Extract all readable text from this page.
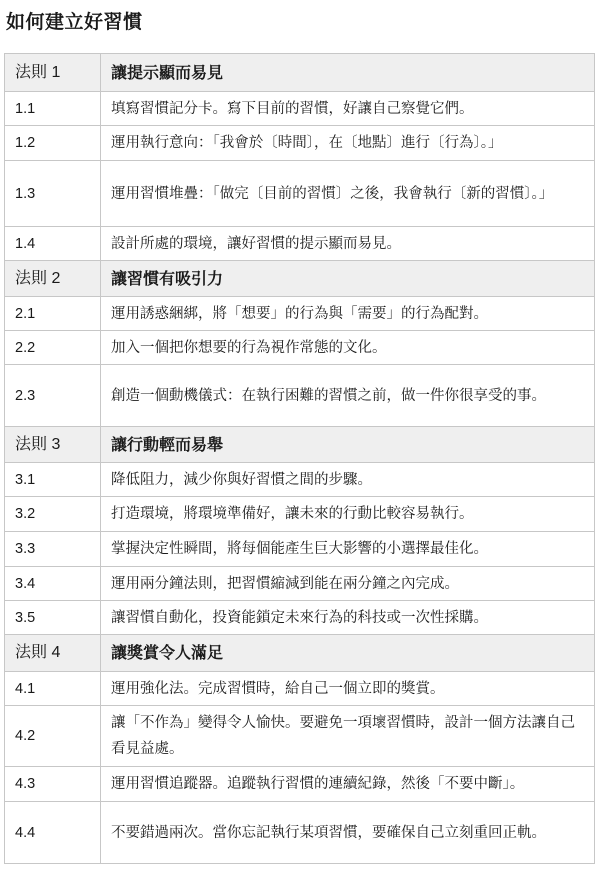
如何建立好習慣
法則 1	讓提示顯而易見
1.1	填寫習慣記分卡。寫下目前的習慣，好讓自己察覺它們。
1.2	運用執行意向：「我會於〔時間〕，在〔地點〕進行〔行為〕。」
1.3	運用習慣堆疊：「做完〔目前的習慣〕之後，我會執行〔新的習慣〕。」
1.4	設計所處的環境，讓好習慣的提示顯而易見。
法則 2	讓習慣有吸引力
2.1	運用誘惑綑綁，將「想要」的行為與「需要」的行為配對。
2.2	加入一個把你想要的行為視作常態的文化。
2.3	創造一個動機儀式：在執行困難的習慣之前，做一件你很享受的事。
法則 3	讓行動輕而易舉
3.1	降低阻力，減少你與好習慣之間的步驟。
3.2	打造環境，將環境準備好，讓未來的行動比較容易執行。
3.3	掌握決定性瞬間，將每個能產生巨大影響的小選擇最佳化。
3.4	運用兩分鐘法則，把習慣縮減到能在兩分鐘之內完成。
3.5	讓習慣自動化，投資能鎖定未來行為的科技或一次性採購。
法則 4	讓獎賞令人滿足
4.1	運用強化法。完成習慣時，給自己一個立即的獎賞。
4.2	讓「不作為」變得令人愉快。要避免一項壞習慣時，設計一個方法讓自己看見益處。
4.3	運用習慣追蹤器。追蹤執行習慣的連續紀錄，然後「不要中斷」。
4.4	不要錯過兩次。當你忘記執行某項習慣，要確保自己立刻重回正軌。
